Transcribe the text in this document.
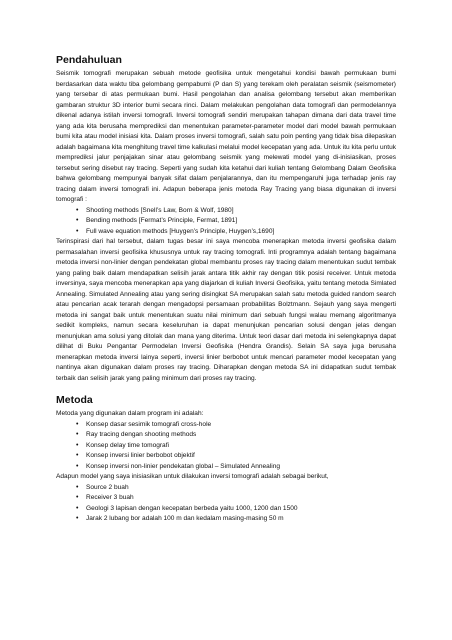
Pendahuluan

Seismik tomografi merupakan sebuah metode geofisika untuk mengetahui kondisi bawah permukaan bumi berdasarkan data waktu tiba gelombang gempabumi (P dan S) yang terekam oleh peralatan seismik (seismometer) yang tersebar di atas permukaan bumi. Hasil pengolahan dan analisa gelombang tersebut akan memberikan gambaran struktur 3D interior bumi secara rinci. Dalam melakukan pengolahan data tomografi dan permodelannya dikenal adanya istilah inversi tomografi. Inversi tomografi sendiri merupakan tahapan dimana dari data travel time yang ada kita berusaha memprediksi dan menentukan parameter-parameter model dari model bawah permukaan bumi kita atau model inisiasi kita. Dalam proses inversi tomografi, salah satu poin penting yang tidak bisa dilepaskan adalah bagaimana kita menghitung travel time kalkulasi melalui model kecepatan yang ada. Untuk itu kita perlu untuk memprediksi jalur penjajakan sinar atau gelombang seismik yang melewati model yang di-inisiasikan, proses tersebut sering disebut ray tracing. Seperti yang sudah kita ketahui dari kuliah tentang Gelombang Dalam Geofisika bahwa gelombang mempunyai banyak sifat dalam penjalarannya, dan itu mempengaruhi juga terhadap jenis ray tracing dalam inversi tomografi ini. Adapun beberapa jenis metoda Ray Tracing yang biasa digunakan di inversi tomografi :

• Shooting methods [Snell’s Law, Born & Wolf, 1980]
• Bending methods [Fermat’s Principle, Fermat, 1891]
• Full wave equation methods [Huygen’s Principle, Huygen’s,1690]

Terinspirasi dari hal tersebut, dalam tugas besar ini saya mencoba menerapkan metoda inversi geofisika dalam permasalahan inversi geofisika khususnya untuk ray tracing tomografi. Inti programnya adalah tentang bagaimana metoda inversi non-linier dengan pendekatan global membantu proses ray tracing dalam menentukan sudut tembak yang paling baik dalam mendapatkan selisih jarak antara titik akhir ray dengan titik posisi receiver. Untuk metoda inversinya, saya mencoba menerapkan apa yang diajarkan di kuliah Inversi Geofisika, yaitu tentang metoda Simlated Annealing. Simulated Annealing atau yang sering disingkat SA merupakan salah satu metoda guided random search atau pencarian acak terarah dengan mengadopsi persamaan probabilitas Bolztmann. Sejauh yang saya mengerti metoda ini sangat baik untuk menentukan suatu nilai minimum dari sebuah fungsi walau memang algoritmanya sedikit kompleks, namun secara keseluruhan ia dapat menunjukan pencarian solusi dengan jelas dengan menunjukan ama solusi yang ditolak dan mana yang diterima. Untuk teori dasar dari metoda ini selengkapnya dapat dilihat di Buku Pengantar Permodelan Inversi Geofisika (Hendra Grandis). Selain SA saya juga berusaha menerapkan metoda inversi lainya seperti, inversi linier berbobot untuk mencari parameter model kecepatan yang nantinya akan digunakan dalam proses ray tracing. Diharapkan dengan metoda SA ini didapatkan sudut tembak terbaik dan selisih jarak yang paling minimum dari proses ray tracing.

Metoda

Metoda yang digunakan dalam program ini adalah:

• Konsep dasar sesimik tomografi cross-hole
• Ray tracing dengan shooting methods
• Konsep delay time tomografi
• Konsep inversi linier berbobot objektif
• Konsep inversi non-linier pendekatan global – Simulated Annealing

Adapun model yang saya inisiasikan untuk dilakukan inversi tomografi adalah sebagai berikut,

• Source 2 buah
• Receiver 3 buah
• Geologi 3 lapisan dengan kecepatan berbeda yaitu 1000, 1200 dan 1500
• Jarak 2 lubang bor adalah 100 m dan kedalam masing-masing 50 m
